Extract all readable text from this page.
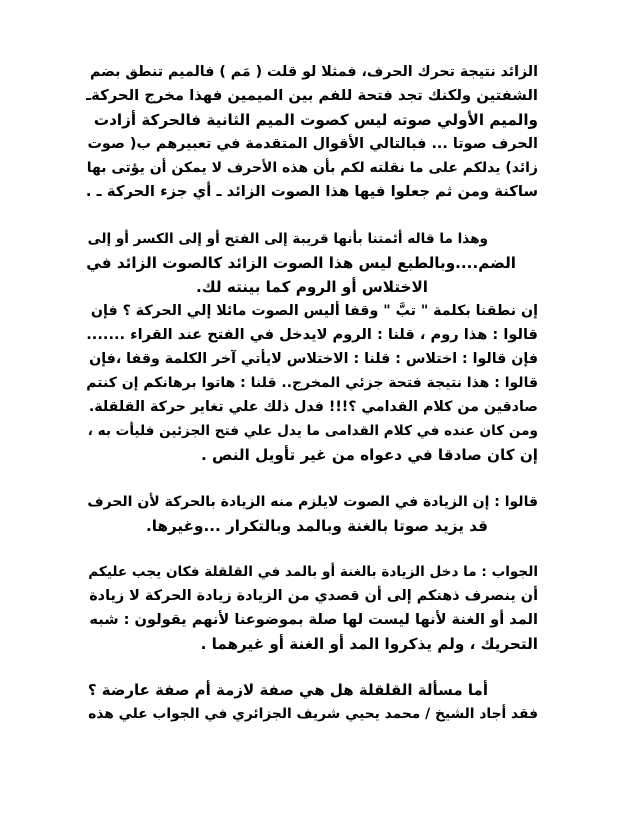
الزائد نتيجة تحرك الحرف، فمثلا لو قلت ( مَم ) فالميم تنطق بضم
الشفتين ولكنك تجد فتحة للفم بين الميمين فهذا مخرج الحركةـ
والميم الأولي صوته ليس كصوت الميم الثانية فالحركة أزادت
الحرف صوتا ... فبالتالي الأقوال المتقدمة في تعبيرهم ب( صوت
زائد) يدلكم على ما نقلته لكم بأن هذه الأحرف لا يمكن أن يؤتى بها
ساكنة ومن ثم جعلوا فيها هذا الصوت الزائد ـ أي جزء الحركة ـ .

وهذا ما قاله أئمتنا بأنها قريبة إلى الفتح أو إلى الكسر أو إلى
الضم....وبالطبع ليس هذا الصوت الزائد كالصوت الزائد في
الاختلاس أو الروم كما بينته لك.
إن نطقنا بكلمة " تبَّ " وقفا أليس الصوت مائلا إلي الحركة ؟ فإن
قالوا : هذا روم ، قلنا : الروم لايدخل في الفتح عند القراء .......
فإن قالوا : اختلاس : قلنا : الاختلاس لايأتي آخر الكلمة وقفا ،فإن
قالوا : هذا نتيجة فتحة جزئي المخرج.. قلنا : هاتوا برهانكم إن كنتم
صادقين من كلام القدامي ؟!!! فدل ذلك علي تغاير حركة القلقلة.
ومن كان عنده في كلام القدامى ما يدل علي فتح الجزئين فليأت به ،
إن كان صادقا في دعواه من غير تأويل النص .

قالوا : إن الزيادة في الصوت لايلزم منه الزيادة بالحركة لأن الحرف
قد يزيد صوتا بالغنة وبالمد وبالتكرار ...وغيرها.

الجواب : ما دخل الزيادة بالغنة أو بالمد في القلقلة فكان يجب عليكم
أن ينصرف ذهنكم إلى أن قصدي من الزيادة زيادة الحركة لا زيادة
المد أو الغنة لأنها ليست لها صلة بموضوعنا لأنهم يقولون : شبه
التحريك ، ولم يذكروا المد أو الغنة أو غيرهما .

أما مسألة القلقلة هل هي صفة لازمة أم صفة عارضة ؟
فقد أجاد الشيخ / محمد يحيي شريف الجزائري في الجواب علي هذه
